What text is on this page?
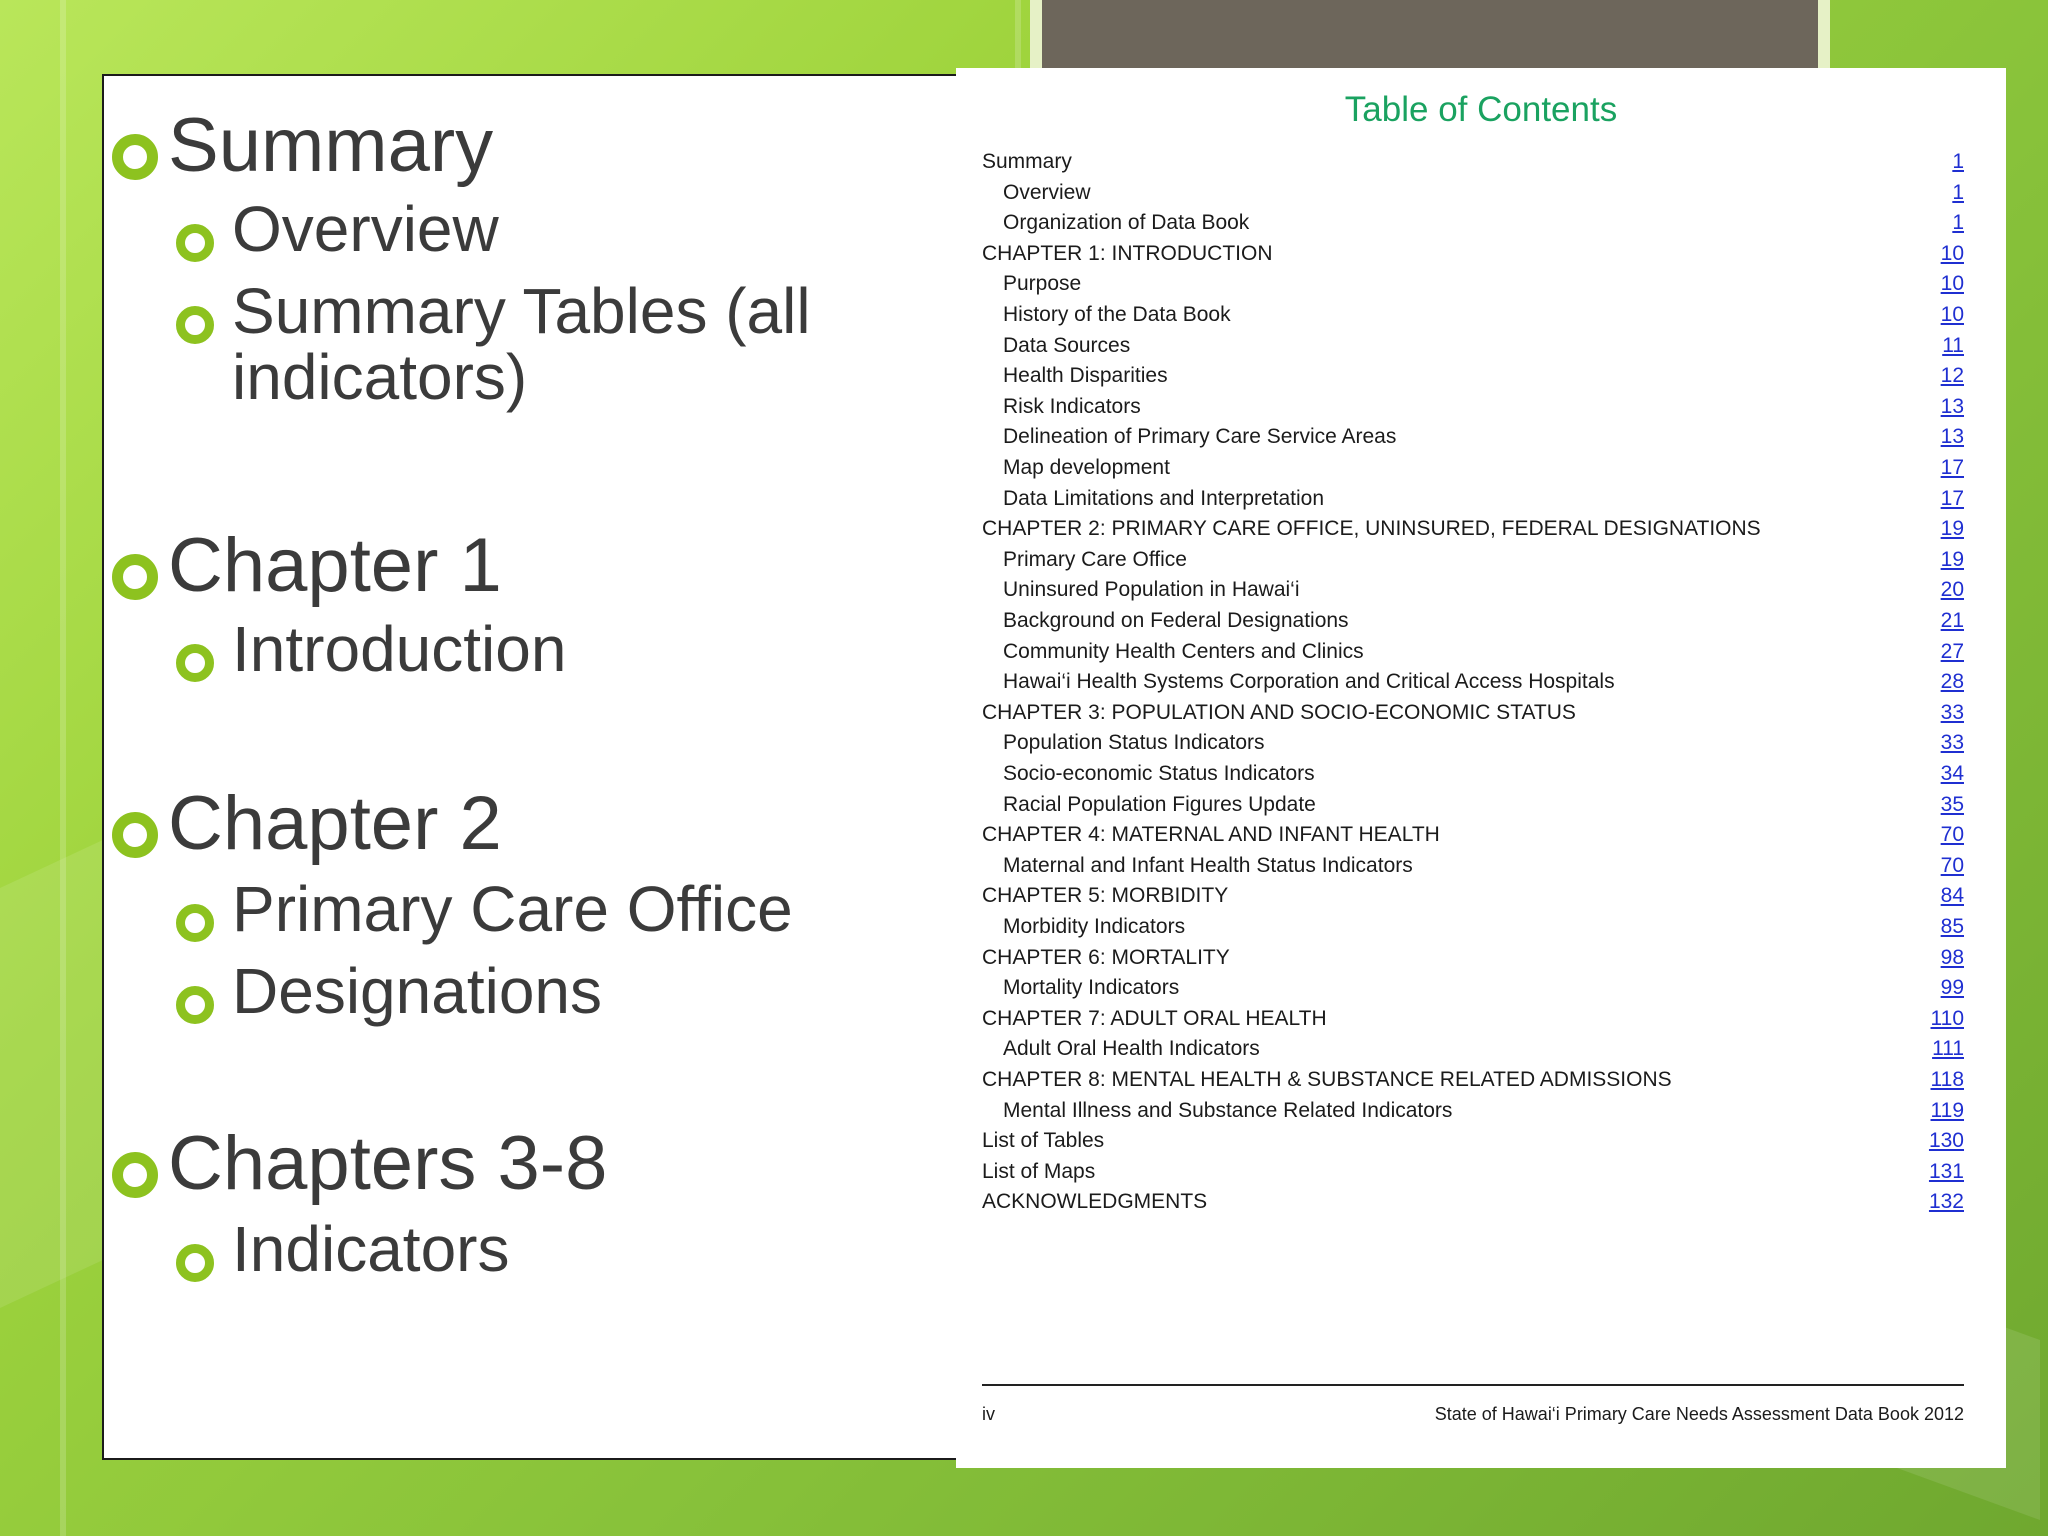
Summary
Overview
Summary Tables (all indicators)
Chapter 1
Introduction
Chapter 2
Primary Care Office
Designations
Chapters 3-8
Indicators
Table of Contents
Summary	1
Overview	1
Organization of Data Book	1
CHAPTER 1: INTRODUCTION	10
Purpose	10
History of the Data Book	10
Data Sources	11
Health Disparities	12
Risk Indicators	13
Delineation of Primary Care Service Areas	13
Map development	17
Data Limitations and Interpretation	17
CHAPTER 2: PRIMARY CARE OFFICE, UNINSURED, FEDERAL DESIGNATIONS	19
Primary Care Office	19
Uninsured Population in Hawai‘i	20
Background on Federal Designations	21
Community Health Centers and Clinics	27
Hawai‘i Health Systems Corporation and Critical Access Hospitals	28
CHAPTER 3: POPULATION AND SOCIO-ECONOMIC STATUS	33
Population Status Indicators	33
Socio-economic Status Indicators	34
Racial Population Figures Update	35
CHAPTER 4: MATERNAL AND INFANT HEALTH	70
Maternal and Infant Health Status Indicators	70
CHAPTER 5: MORBIDITY	84
Morbidity Indicators	85
CHAPTER 6: MORTALITY	98
Mortality Indicators	99
CHAPTER 7: ADULT ORAL HEALTH	110
Adult Oral Health Indicators	111
CHAPTER 8: MENTAL HEALTH & SUBSTANCE RELATED ADMISSIONS	118
Mental Illness and Substance Related Indicators	119
List of Tables	130
List of Maps	131
ACKNOWLEDGMENTS	132
iv	State of Hawai‘i Primary Care Needs Assessment Data Book 2012
